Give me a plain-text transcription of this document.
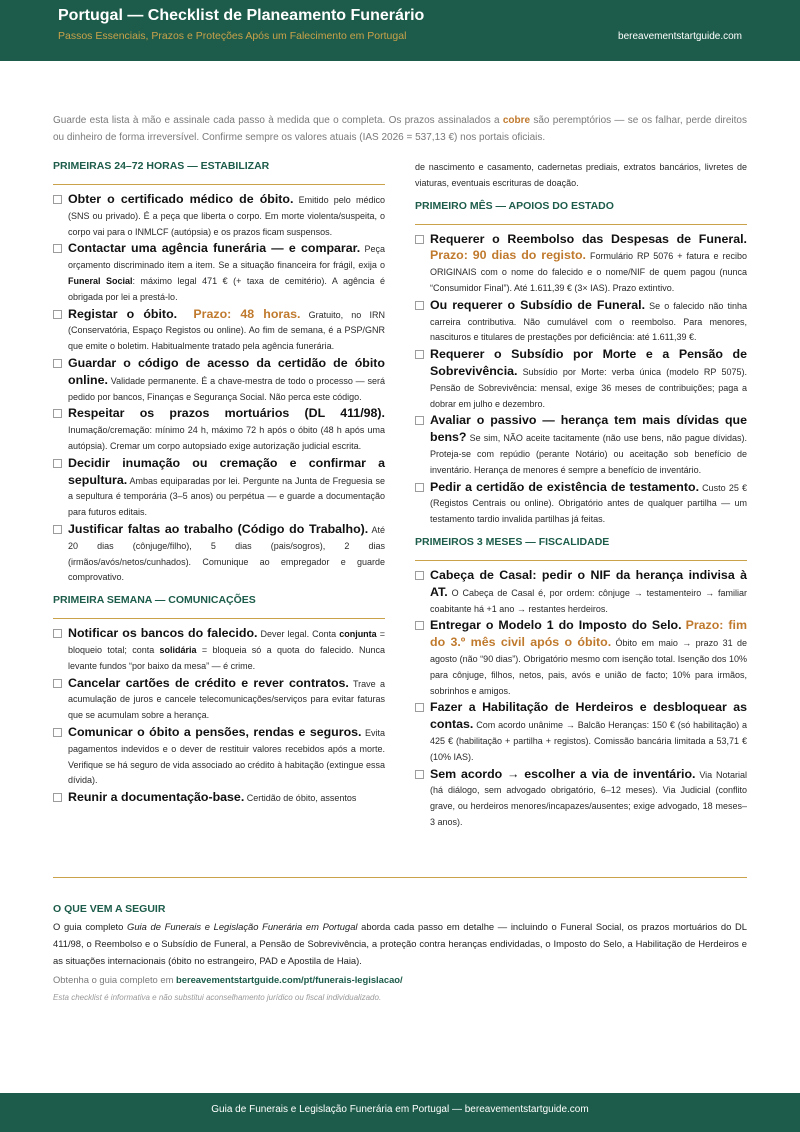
Portugal — Checklist de Planeamento Funerário
Passos Essenciais, Prazos e Proteções Após um Falecimento em Portugal	bereavementstartguide.com
Guarde esta lista à mão e assinale cada passo à medida que o completa. Os prazos assinalados a cobre são peremptórios — se os falhar, perde direitos ou dinheiro de forma irreversível. Confirme sempre os valores atuais (IAS 2026 = 537,13 €) nos portais oficiais.
PRIMEIRAS 24–72 HORAS — ESTABILIZAR
Obter o certificado médico de óbito. Emitido pelo médico (SNS ou privado). É a peça que liberta o corpo. Em morte violenta/suspeita, o corpo vai para o INMLCF (autópsia) e os prazos ficam suspensos.
Contactar uma agência funerária — e comparar. Peça orçamento discriminado item a item. Se a situação financeira for frágil, exija o Funeral Social: máximo legal 471 € (+ taxa de cemitério). A agência é obrigada por lei a prestá-lo.
Registar o óbito. Prazo: 48 horas. Gratuito, no IRN (Conservatória, Espaço Registos ou online). Ao fim de semana, é a PSP/GNR que emite o boletim. Habitualmente tratado pela agência funerária.
Guardar o código de acesso da certidão de óbito online. Validade permanente. É a chave-mestra de todo o processo — será pedido por bancos, Finanças e Segurança Social. Não perca este código.
Respeitar os prazos mortuários (DL 411/98). Inumação/cremação: mínimo 24 h, máximo 72 h após o óbito (48 h após uma autópsia). Cremar um corpo autopsiado exige autorização judicial escrita.
Decidir inumação ou cremação e confirmar a sepultura. Ambas equiparadas por lei. Pergunte na Junta de Freguesia se a sepultura é temporária (3–5 anos) ou perpétua — e guarde a documentação para futuros editais.
Justificar faltas ao trabalho (Código do Trabalho). Até 20 dias (cônjuge/filho), 5 dias (pais/sogros), 2 dias (irmãos/avós/netos/cunhados). Comunique ao empregador e guarde comprovativo.
PRIMEIRA SEMANA — COMUNICAÇÕES
Notificar os bancos do falecido. Dever legal. Conta conjunta = bloqueio total; conta solidária = bloqueia só a quota do falecido. Nunca levante fundos “por baixo da mesa” — é crime.
Cancelar cartões de crédito e rever contratos. Trave a acumulação de juros e cancele telecomunicações/serviços para evitar faturas que se acumulam sobre a herança.
Comunicar o óbito a pensões, rendas e seguros. Evita pagamentos indevidos e o dever de restituir valores recebidos após a morte. Verifique se há seguro de vida associado ao crédito à habitação (extingue essa dívida).
Reunir a documentação-base. Certidão de óbito, assentos
de nascimento e casamento, cadernetas prediais, extratos bancários, livretes de viaturas, eventuais escrituras de doação.
PRIMEIRO MÊS — APOIOS DO ESTADO
Requerer o Reembolso das Despesas de Funeral. Prazo: 90 dias do registo. Formulário RP 5076 + fatura e recibo ORIGINAIS com o nome do falecido e o nome/NIF de quem pagou (nunca “Consumidor Final”). Até 1.611,39 € (3× IAS). Prazo extintivo.
Ou requerer o Subsídio de Funeral. Se o falecido não tinha carreira contributiva. Não cumulável com o reembolso. Para menores, nascituros e titulares de prestações por deficiência: até 1.611,39 €.
Requerer o Subsídio por Morte e a Pensão de Sobrevivência. Subsídio por Morte: verba única (modelo RP 5075). Pensão de Sobrevivência: mensal, exige 36 meses de contribuições; paga a dobrar em julho e dezembro.
Avaliar o passivo — herança tem mais dívidas que bens? Se sim, NÃO aceite tacitamente (não use bens, não pague dívidas). Proteja-se com repúdio (perante Notário) ou aceitação sob benefício de inventário. Herança de menores é sempre a benefício de inventário.
Pedir a certidão de existência de testamento. Custo 25 € (Registos Centrais ou online). Obrigatório antes de qualquer partilha — um testamento tardio invalida partilhas já feitas.
PRIMEIROS 3 MESES — FISCALIDADE
Cabeça de Casal: pedir o NIF da herança indivisa à AT. O Cabeça de Casal é, por ordem: cônjuge → testamenteiro → familiar coabitante há +1 ano → restantes herdeiros.
Entregar o Modelo 1 do Imposto do Selo. Prazo: fim do 3.º mês civil após o óbito. Óbito em maio → prazo 31 de agosto (não “90 dias”). Obrigatório mesmo com isenção total. Isenção dos 10% para cônjuge, filhos, netos, pais, avós e união de facto; 10% para irmãos, sobrinhos e amigos.
Fazer a Habilitação de Herdeiros e desbloquear as contas. Com acordo unânime → Balcão Heranças: 150 € (só habilitação) a 425 € (habilitação + partilha + registos). Comissão bancária limitada a 53,71 € (10% IAS).
Sem acordo → escolher a via de inventário. Via Notarial (há diálogo, sem advogado obrigatório, 6–12 meses). Via Judicial (conflito grave, ou herdeiros menores/incapazes/ausentes; exige advogado, 18 meses–3 anos).
O QUE VEM A SEGUIR
O guia completo Guia de Funerais e Legislação Funerária em Portugal aborda cada passo em detalhe — incluindo o Funeral Social, os prazos mortuários do DL 411/98, o Reembolso e o Subsídio de Funeral, a Pensão de Sobrevivência, a proteção contra heranças endividadas, o Imposto do Selo, a Habilitação de Herdeiros e as situações internacionais (óbito no estrangeiro, PAD e Apostila de Haia).
Obtenha o guia completo em bereavementstartguide.com/pt/funerais-legislacao/
Esta checklist é informativa e não substitui aconselhamento jurídico ou fiscal individualizado.
Guia de Funerais e Legislação Funerária em Portugal — bereavementstartguide.com
